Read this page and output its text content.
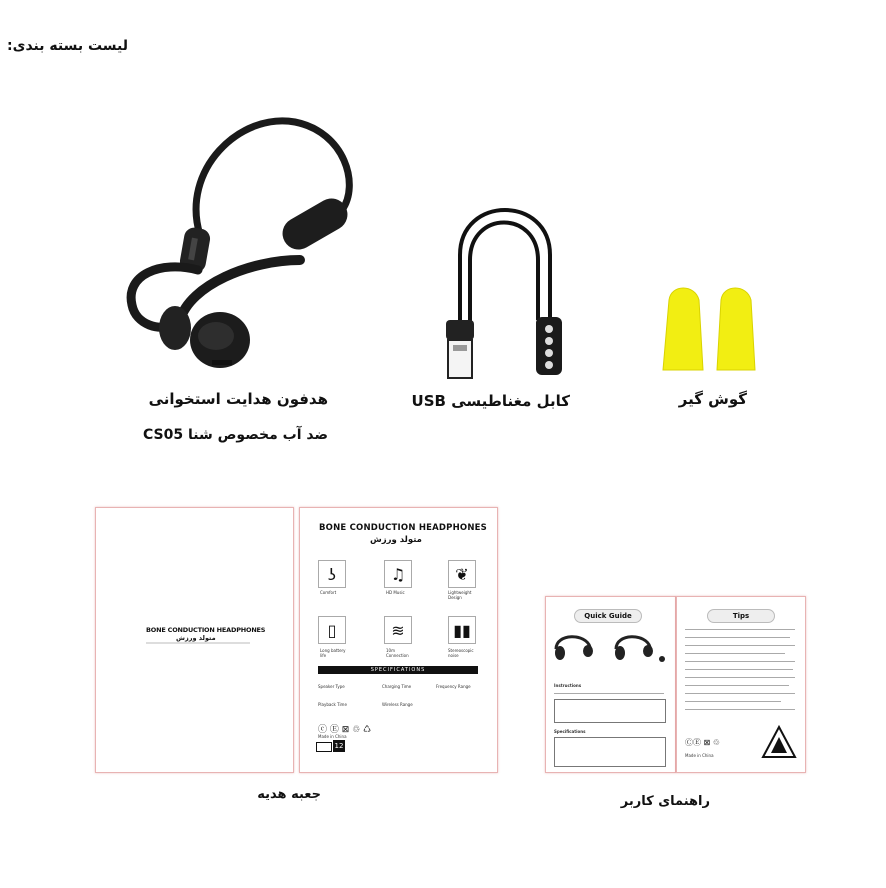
لیست بسته بندی:
هدفون هدایت استخوانی
ضد آب مخصوص شنا CS05
کابل مغناطیسی USB	گوش گیر
BONE CONDUCTION HEADPHONES
متولد ورزش
BONE CONDUCTION HEADPHONES
متولد ورزش
ʖ
Comfort
♫
HD Music
❦
Lightweight Design
▯
Long battery life
≋
10m Connection
▮▮
Stereoscopic noise
SPECIFICATIONS
Speaker Type	Charging Time	Frequency Range
Playback Time	Wireless Range
ⓒ Ⓔ ⊠ ♲ ♺
Made in China
12
جعبه هدیه
Quick Guide
Instructions
Specifications
Tips
ⒸⒺ ⊠ ♲
Made in China
راهنمای کاربر
